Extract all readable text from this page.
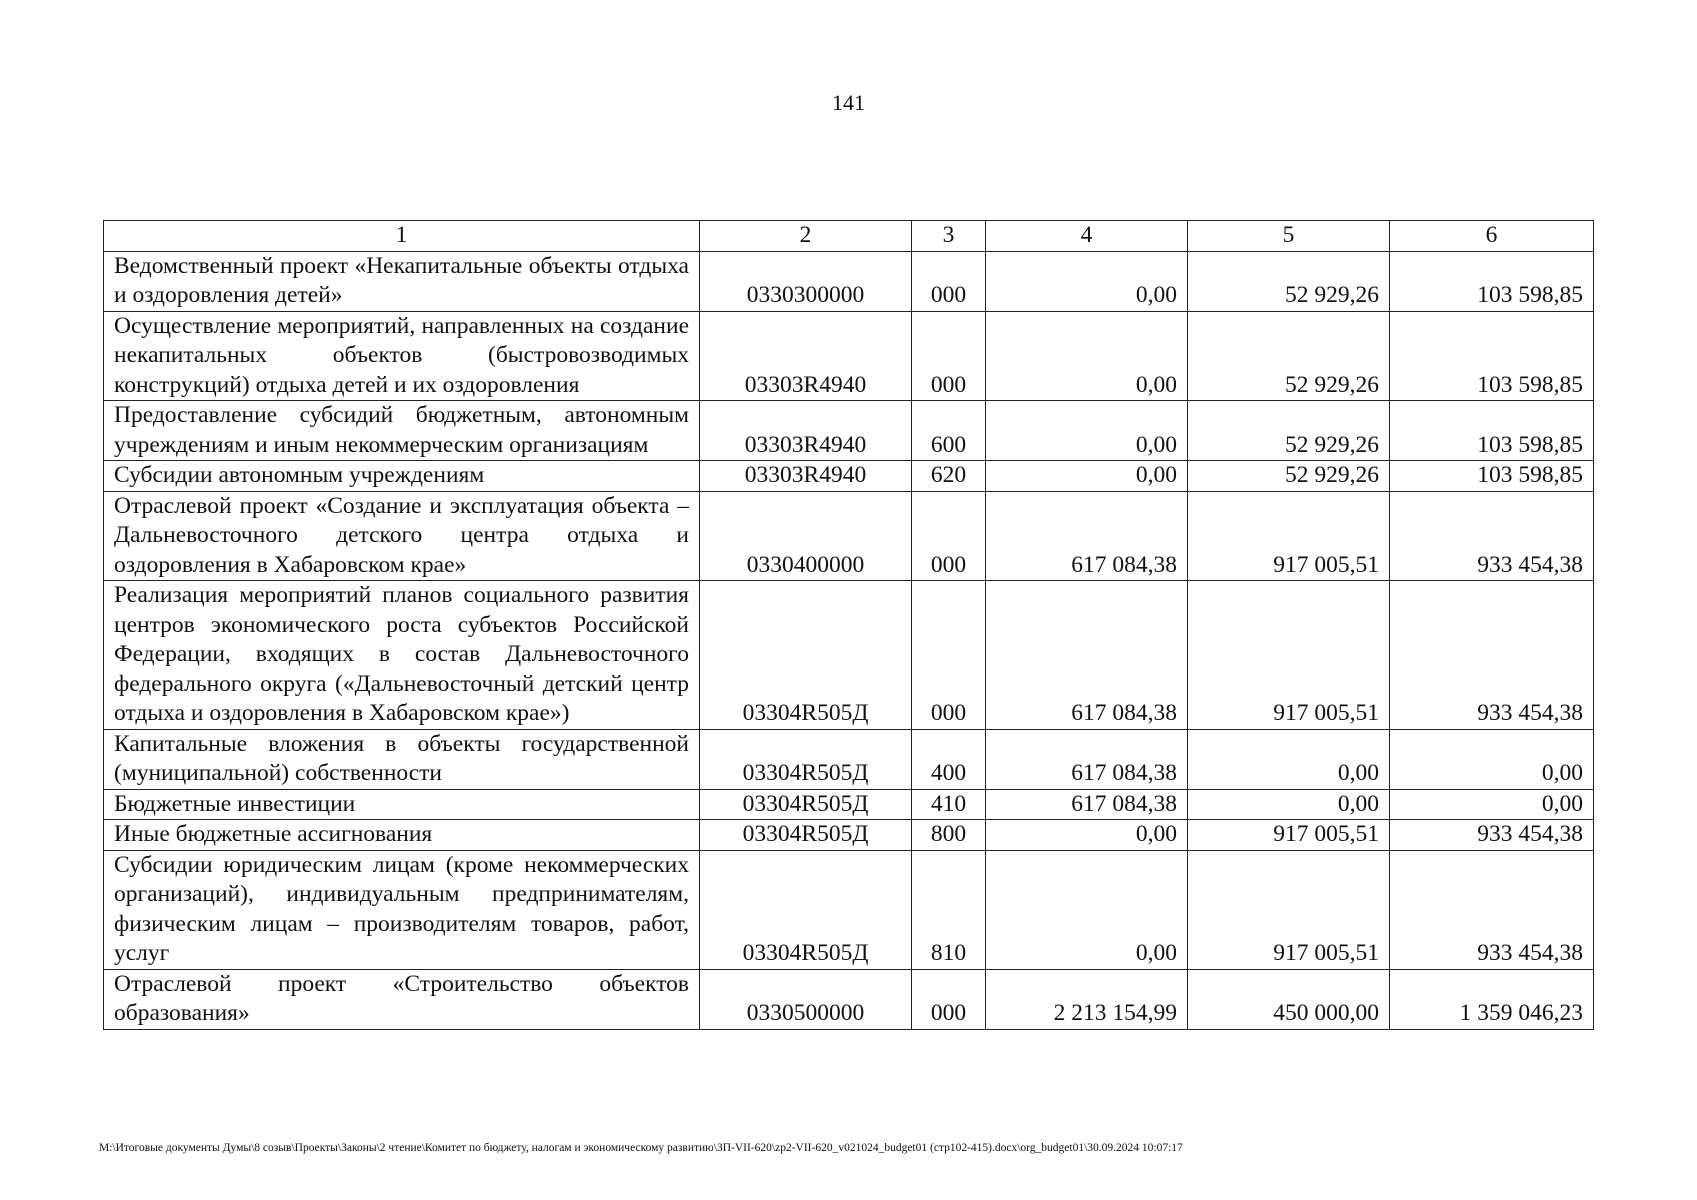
141
1	2	3	4	5	6
Ведомственный проект «Некапитальные объекты отдыха и оздоровления детей»	0330300000	000	0,00	52 929,26	103 598,85
Осуществление мероприятий, направленных на создание некапитальных объектов (быстровозводимых конструкций) отдыха детей и их оздоровления	03303R4940	000	0,00	52 929,26	103 598,85
Предоставление субсидий бюджетным, автономным учреждениям и иным некоммерческим организациям	03303R4940	600	0,00	52 929,26	103 598,85
Субсидии автономным учреждениям	03303R4940	620	0,00	52 929,26	103 598,85
Отраслевой проект «Создание и эксплуатация объекта – Дальневосточного детского центра отдыха и оздоровления в Хабаровском крае»	0330400000	000	617 084,38	917 005,51	933 454,38
Реализация мероприятий планов социального развития центров экономического роста субъектов Российской Федерации, входящих в состав Дальневосточного федерального округа («Дальневосточный детский центр отдыха и оздоровления в Хабаровском крае»)	03304R505Д	000	617 084,38	917 005,51	933 454,38
Капитальные вложения в объекты государственной (муниципальной) собственности	03304R505Д	400	617 084,38	0,00	0,00
Бюджетные инвестиции	03304R505Д	410	617 084,38	0,00	0,00
Иные бюджетные ассигнования	03304R505Д	800	0,00	917 005,51	933 454,38
Субсидии юридическим лицам (кроме некоммерческих организаций), индивидуальным предпринимателям, физическим лицам – производителям товаров, работ, услуг	03304R505Д	810	0,00	917 005,51	933 454,38
Отраслевой проект «Строительство объектов образования»	0330500000	000	2 213 154,99	450 000,00	1 359 046,23
M:\Итоговые документы Думы\8 созыв\Проекты\Законы\2 чтение\Комитет по бюджету, налогам и экономическому развитию\ЗП-VII-620\zp2-VII-620_v021024_budget01 (стр102-415).docx\org_budget01\30.09.2024 10:07:17
